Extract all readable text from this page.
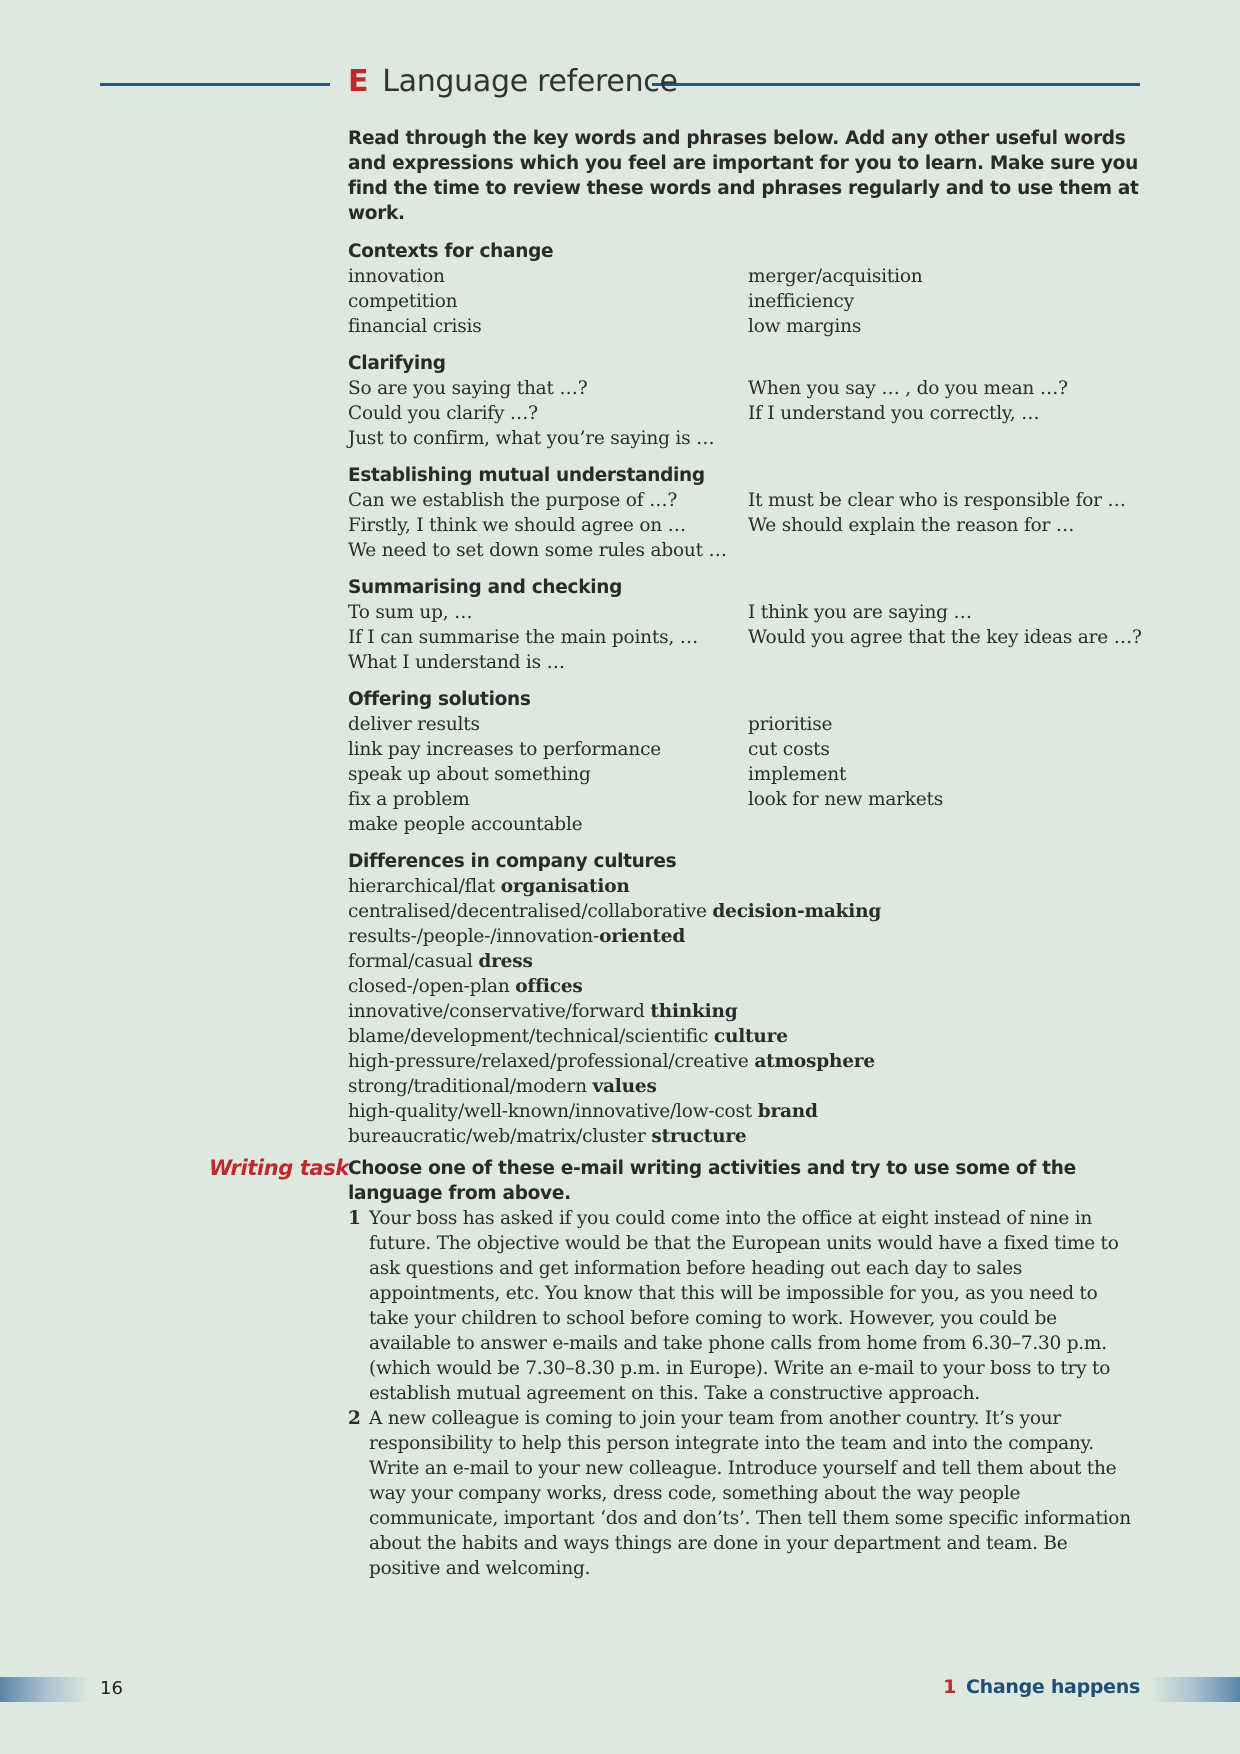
E Language reference

Read through the key words and phrases below. Add any other useful words and expressions which you feel are important for you to learn. Make sure you find the time to review these words and phrases regularly and to use them at work.

Contexts for change

innovation
competition
financial crisis
merger/acquisition
inefficiency
low margins

Clarifying

So are you saying that …?
Could you clarify …?
Just to confirm, what you’re saying is …
When you say … , do you mean …?
If I understand you correctly, …

Establishing mutual understanding

Can we establish the purpose of …?
Firstly, I think we should agree on …
We need to set down some rules about …
It must be clear who is responsible for …
We should explain the reason for …

Summarising and checking

To sum up, …
If I can summarise the main points, …
What I understand is …
I think you are saying …
Would you agree that the key ideas are …?

Offering solutions

deliver results
link pay increases to performance
speak up about something
fix a problem
make people accountable
prioritise
cut costs
implement
look for new markets

Differences in company cultures

hierarchical/flat organisation
centralised/decentralised/collaborative decision-making
results-/people-/innovation-oriented
formal/casual dress
closed-/open-plan offices
innovative/conservative/forward thinking
blame/development/technical/scientific culture
high-pressure/relaxed/professional/creative atmosphere
strong/traditional/modern values
high-quality/well-known/innovative/low-cost brand
bureaucratic/web/matrix/cluster structure
Writing task Choose one of these e-mail writing activities and try to use some of the language from above.

1 Your boss has asked if you could come into the office at eight instead of nine in future. The objective would be that the European units would have a fixed time to ask questions and get information before heading out each day to sales appointments, etc. You know that this will be impossible for you, as you need to take your children to school before coming to work. However, you could be available to answer e-mails and take phone calls from home from 6.30–7.30 p.m. (which would be 7.30–8.30 p.m. in Europe). Write an e-mail to your boss to try to establish mutual agreement on this. Take a constructive approach.
2 A new colleague is coming to join your team from another country. It’s your responsibility to help this person integrate into the team and into the company. Write an e-mail to your new colleague. Introduce yourself and tell them about the way your company works, dress code, something about the way people communicate, important ‘dos and don’ts’. Then tell them some specific information about the habits and ways things are done in your department and team. Be positive and welcoming.
16	1 Change happens
